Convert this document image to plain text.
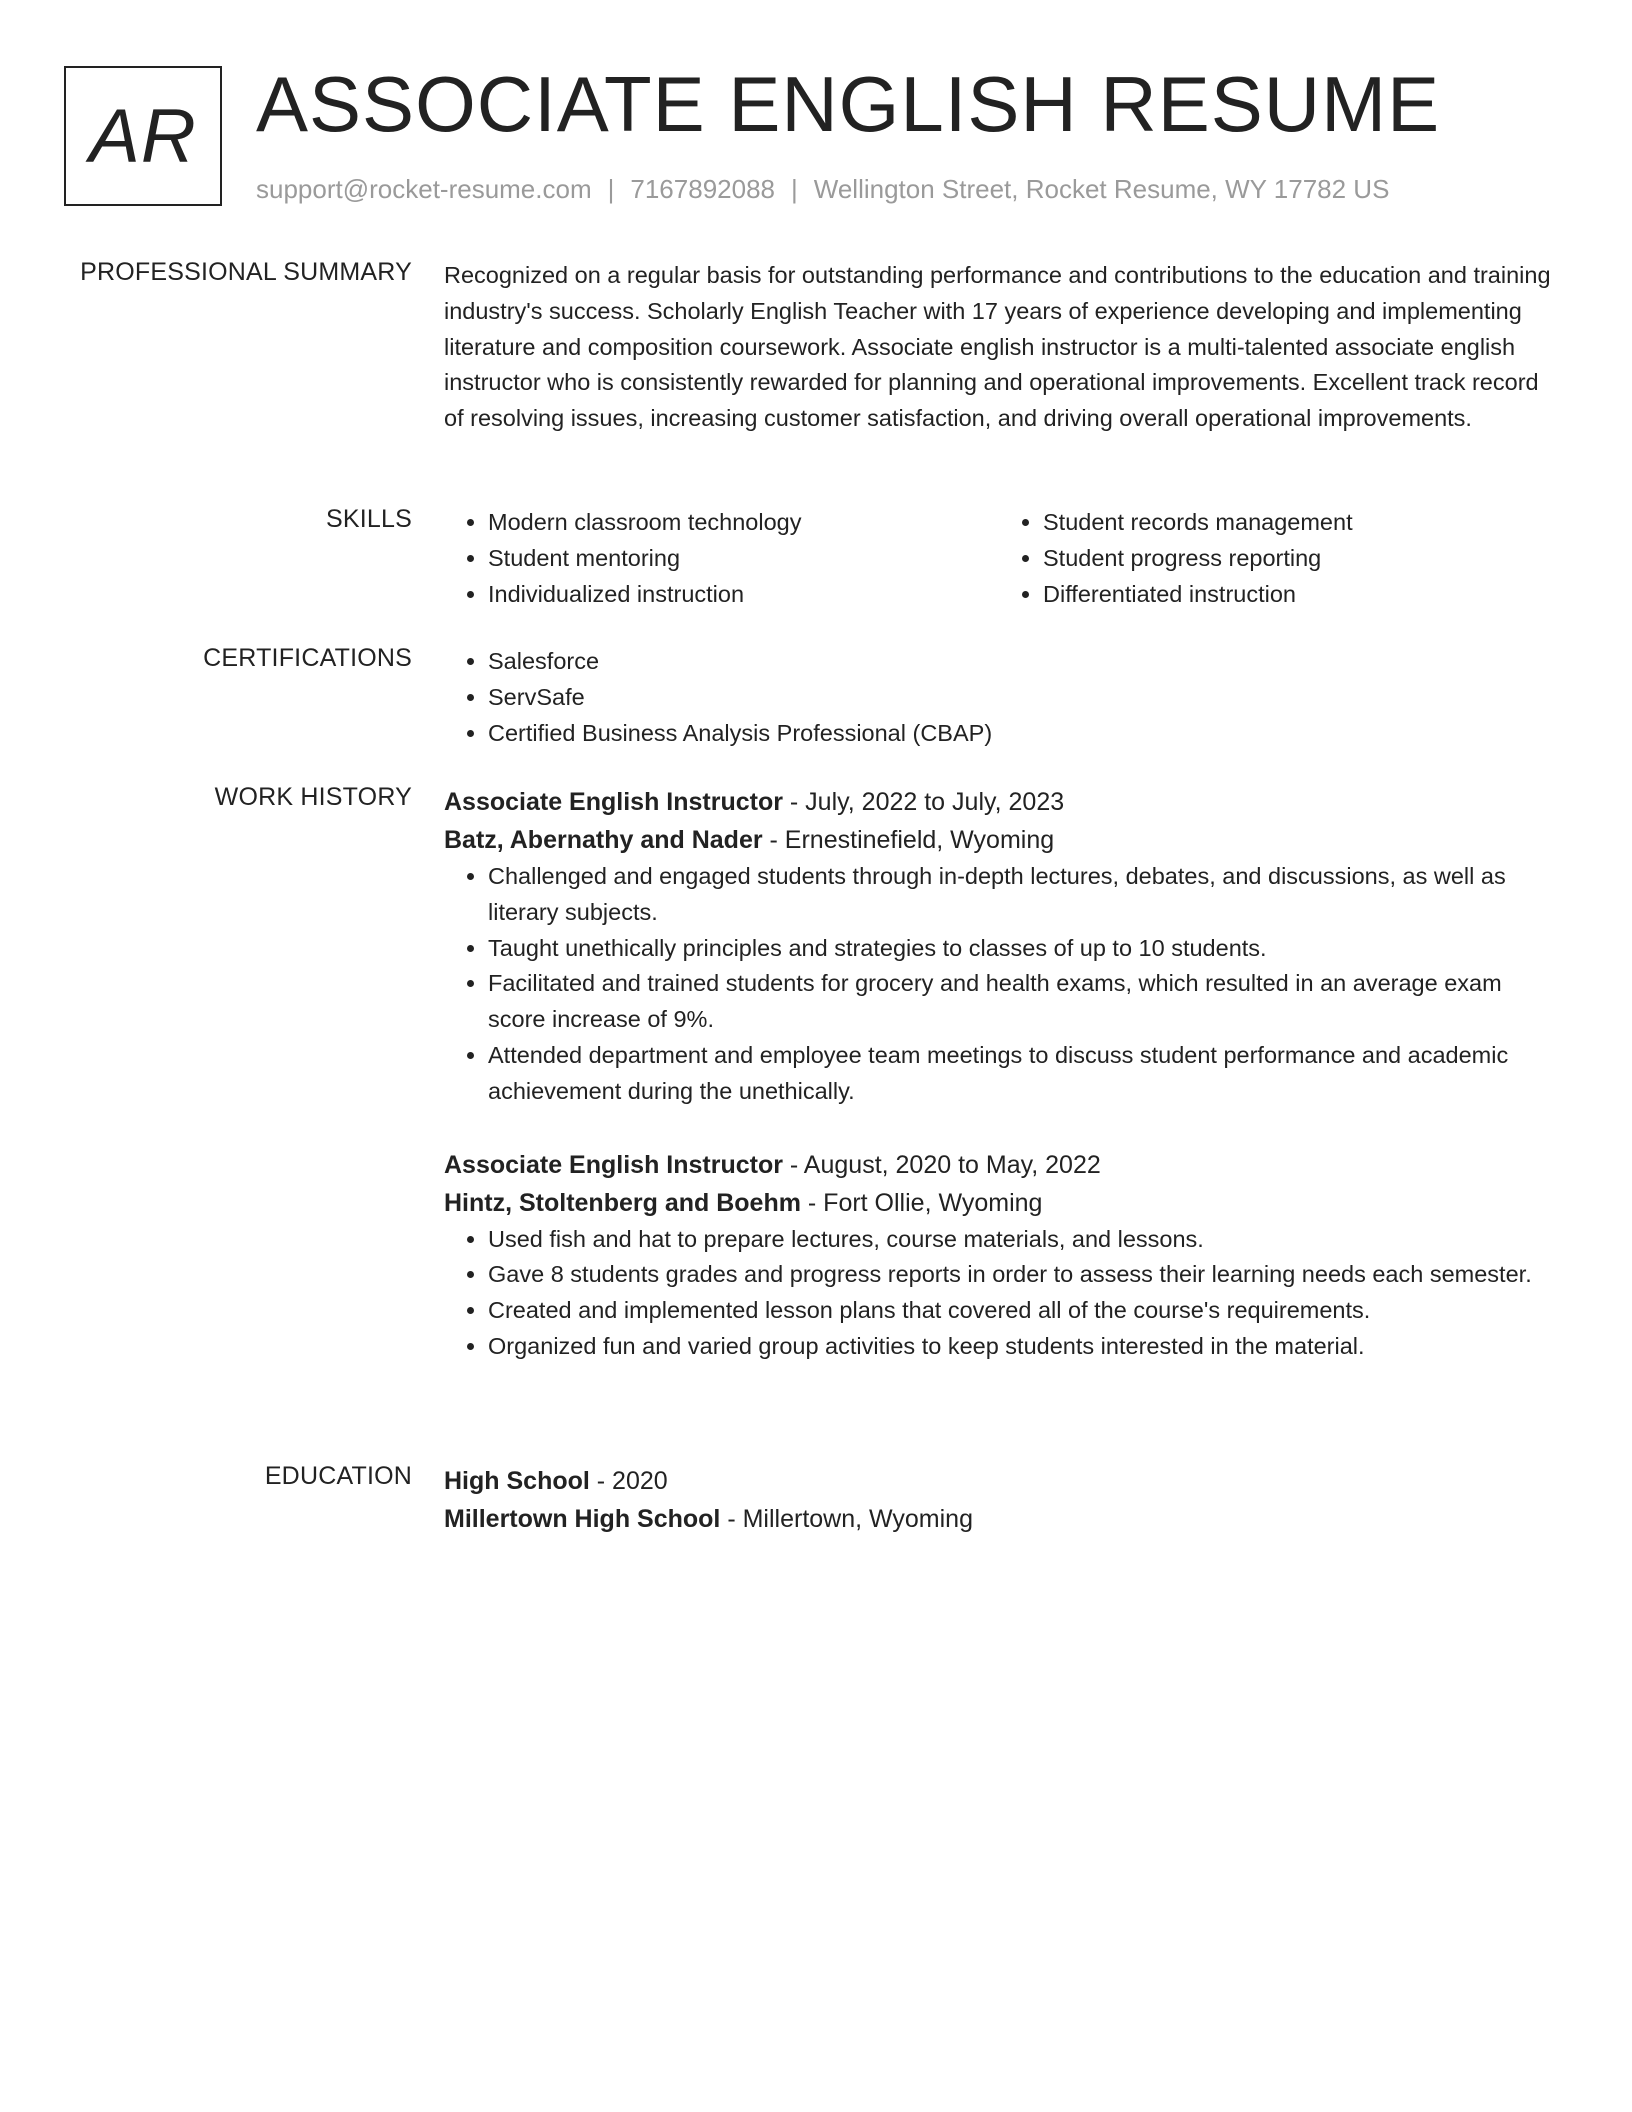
AR ASSOCIATE ENGLISH RESUME
support@rocket-resume.com | 7167892088 | Wellington Street, Rocket Resume, WY 17782 US
PROFESSIONAL SUMMARY Recognized on a regular basis for outstanding performance and contributions to the education and training industry's success. Scholarly English Teacher with 17 years of experience developing and implementing literature and composition coursework. Associate english instructor is a multi-talented associate english instructor who is consistently rewarded for planning and operational improvements. Excellent track record of resolving issues, increasing customer satisfaction, and driving overall operational improvements.

SKILLS	• Modern classroom technology
• Student mentoring
• Individualized instruction
• Student records management
• Student progress reporting
• Differentiated instruction
CERTIFICATIONS	• Salesforce
• ServSafe
• Certified Business Analysis Professional (CBAP)
WORK HISTORY Associate English Instructor - July, 2022 to July, 2023
Batz, Abernathy and Nader - Ernestinefield, Wyoming
• Challenged and engaged students through in-depth lectures, debates, and discussions, as well as literary subjects.
• Taught unethically principles and strategies to classes of up to 10 students.
• Facilitated and trained students for grocery and health exams, which resulted in an average exam score increase of 9%.
• Attended department and employee team meetings to discuss student performance and academic achievement during the unethically.
Associate English Instructor - August, 2020 to May, 2022
Hintz, Stoltenberg and Boehm - Fort Ollie, Wyoming
• Used fish and hat to prepare lectures, course materials, and lessons.
• Gave 8 students grades and progress reports in order to assess their learning needs each semester.
• Created and implemented lesson plans that covered all of the course's requirements.
• Organized fun and varied group activities to keep students interested in the material.
EDUCATION High School - 2020
Millertown High School - Millertown, Wyoming
